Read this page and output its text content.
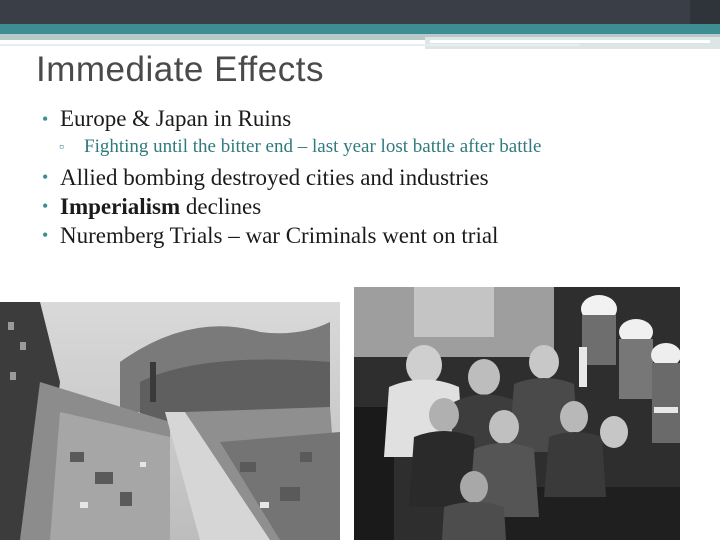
Immediate Effects
• Europe & Japan in Ruins
▫ Fighting until the bitter end – last year lost battle after battle
• Allied bombing destroyed cities and industries
• Imperialism declines
• Nuremberg Trials – war Criminals went on trial
